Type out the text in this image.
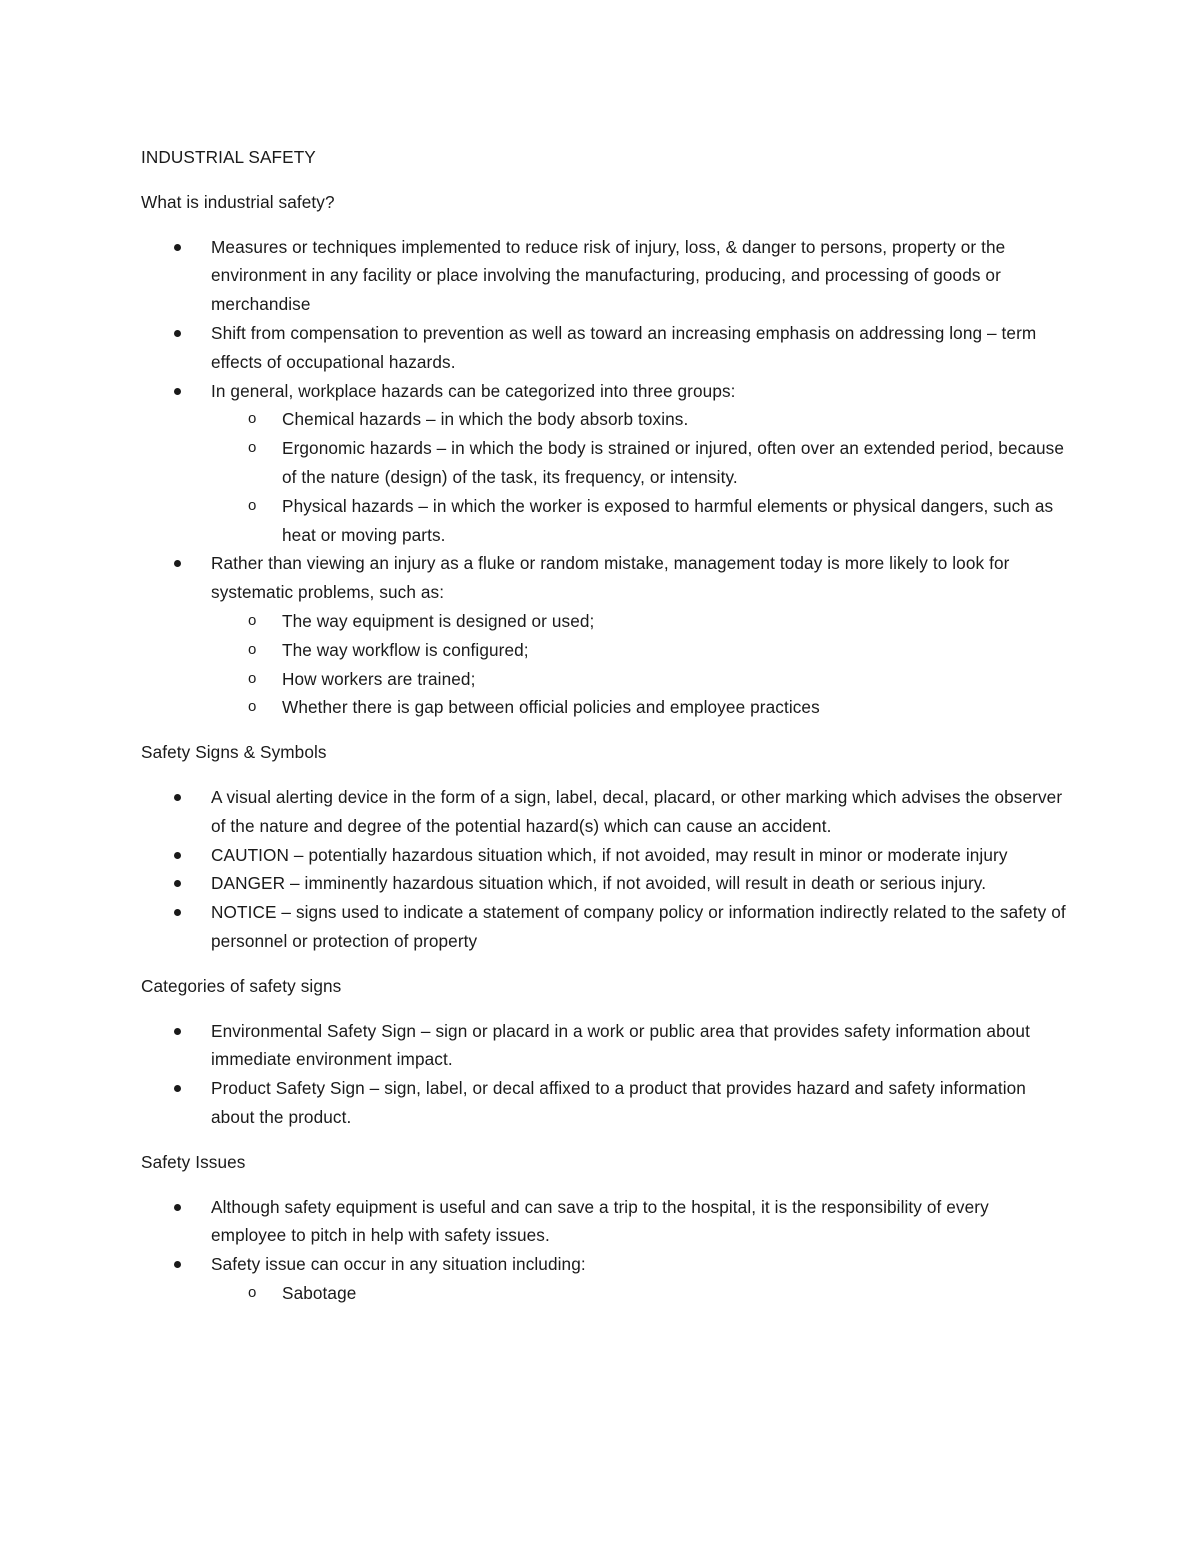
INDUSTRIAL SAFETY
What is industrial safety?
Measures or techniques implemented to reduce risk of injury, loss, & danger to persons, property or the environment in any facility or place involving the manufacturing, producing, and processing of goods or merchandise
Shift from compensation to prevention as well as toward an increasing emphasis on addressing long – term effects of occupational hazards.
In general, workplace hazards can be categorized into three groups:
o Chemical hazards – in which the body absorb toxins.
o Ergonomic hazards – in which the body is strained or injured, often over an extended period, because of the nature (design) of the task, its frequency, or intensity.
o Physical hazards – in which the worker is exposed to harmful elements or physical dangers, such as heat or moving parts.
Rather than viewing an injury as a fluke or random mistake, management today is more likely to look for systematic problems, such as:
o The way equipment is designed or used;
o The way workflow is configured;
o How workers are trained;
o Whether there is gap between official policies and employee practices
Safety Signs & Symbols
A visual alerting device in the form of a sign, label, decal, placard, or other marking which advises the observer of the nature and degree of the potential hazard(s) which can cause an accident.
CAUTION – potentially hazardous situation which, if not avoided, may result in minor or moderate injury
DANGER – imminently hazardous situation which, if not avoided, will result in death or serious injury.
NOTICE – signs used to indicate a statement of company policy or information indirectly related to the safety of personnel or protection of property
Categories of safety signs
Environmental Safety Sign – sign or placard in a work or public area that provides safety information about immediate environment impact.
Product Safety Sign – sign, label, or decal affixed to a product that provides hazard and safety information about the product.
Safety Issues
Although safety equipment is useful and can save a trip to the hospital, it is the responsibility of every employee to pitch in help with safety issues.
Safety issue can occur in any situation including:
o Sabotage
